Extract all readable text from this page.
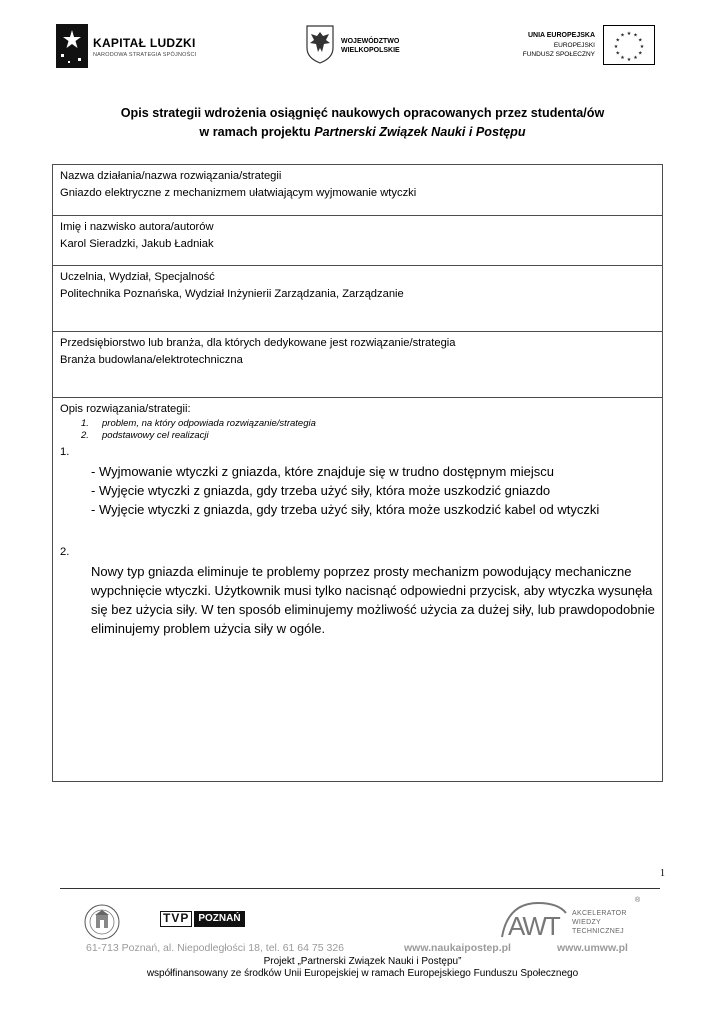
KAPITAŁ LUDZKI
NARODOWA STRATEGIA SPÓJNOŚCI
WOJEWÓDZTWO
WIELKOPOLSKIE
UNIA EUROPEJSKA
EUROPEJSKI
FUNDUSZ SPOŁECZNY
★ ★
★
★
★
★
★
★
★
★
★
★
Opis strategii wdrożenia osiągnięć naukowych opracowanych przez studenta/ów
w ramach projektu Partnerski Związek Nauki i Postępu
Nazwa działania/nazwa rozwiązania/strategii
Gniazdo elektryczne z mechanizmem ułatwiającym wyjmowanie wtyczki
Imię i nazwisko autora/autorów
Karol Sieradzki, Jakub Ładniak
Uczelnia, Wydział, Specjalność
Politechnika Poznańska, Wydział Inżynierii Zarządzania, Zarządzanie
Przedsiębiorstwo lub branża, dla których dedykowane jest rozwiązanie/strategia
Branża budowlana/elektrotechniczna
Opis rozwiązania/strategii:
1. problem, na który odpowiada rozwiązanie/strategia
2. podstawowy cel realizacji
1.
- Wyjmowanie wtyczki z gniazda, które znajduje się w trudno dostępnym miejscu
- Wyjęcie wtyczki z gniazda, gdy trzeba użyć siły, która może uszkodzić gniazdo
- Wyjęcie wtyczki z gniazda, gdy trzeba użyć siły, która może uszkodzić kabel od wtyczki
2.
Nowy typ gniazda eliminuje te problemy poprzez prosty mechanizm powodujący mechaniczne wypchnięcie wtyczki. Użytkownik musi tylko nacisnąć odpowiedni przycisk, aby wtyczka wysunęła się bez użycia siły. W ten sposób eliminujemy możliwość użycia za dużej siły, lub prawdopodobnie eliminujemy problem użycia siły w ogóle.
1
TVP POZNAŃ	AWT
®
AKCELERATOR
WIEDZY
TECHNICZNEJ
61-713 Poznań, al. Niepodległości 18, tel. 61 64 75 326	www.naukaipostep.pl	www.umww.pl
Projekt „Partnerski Związek Nauki i Postępu”
współfinansowany ze środków Unii Europejskiej w ramach Europejskiego Funduszu Społecznego
